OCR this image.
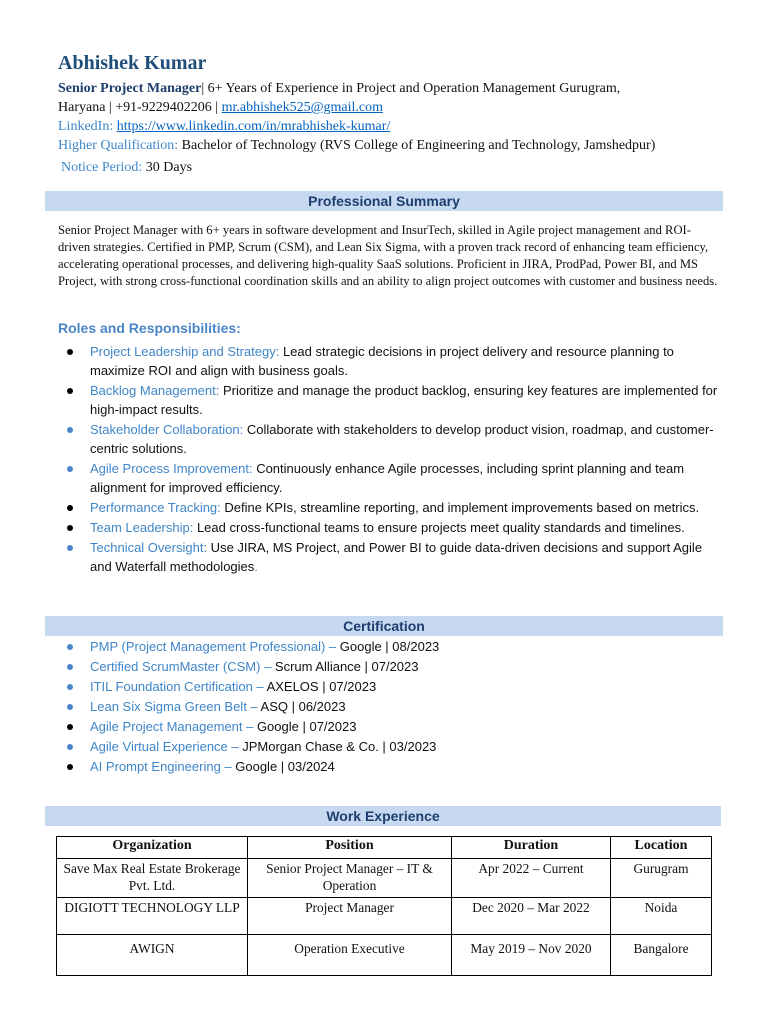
Abhishek Kumar
Senior Project Manager| 6+ Years of Experience in Project and Operation Management Gurugram,
Haryana | +91-9229402206 | mr.abhishek525@gmail.com
LinkedIn: https://www.linkedin.com/in/mrabhishek-kumar/
Higher Qualification: Bachelor of Technology (RVS College of Engineering and Technology, Jamshedpur)
Notice Period: 30 Days
Professional Summary
Senior Project Manager with 6+ years in software development and InsurTech, skilled in Agile project management and ROI-driven strategies. Certified in PMP, Scrum (CSM), and Lean Six Sigma, with a proven track record of enhancing team efficiency, accelerating operational processes, and delivering high-quality SaaS solutions. Proficient in JIRA, ProdPad, Power BI, and MS Project, with strong cross-functional coordination skills and an ability to align project outcomes with customer and business needs.
Roles and Responsibilities:
Project Leadership and Strategy: Lead strategic decisions in project delivery and resource planning to maximize ROI and align with business goals.
Backlog Management: Prioritize and manage the product backlog, ensuring key features are implemented for high-impact results.
Stakeholder Collaboration: Collaborate with stakeholders to develop product vision, roadmap, and customer-centric solutions.
Agile Process Improvement: Continuously enhance Agile processes, including sprint planning and team alignment for improved efficiency.
Performance Tracking: Define KPIs, streamline reporting, and implement improvements based on metrics.
Team Leadership: Lead cross-functional teams to ensure projects meet quality standards and timelines.
Technical Oversight: Use JIRA, MS Project, and Power BI to guide data-driven decisions and support Agile and Waterfall methodologies.
Certification
PMP (Project Management Professional) – Google | 08/2023
Certified ScrumMaster (CSM) – Scrum Alliance | 07/2023
ITIL Foundation Certification – AXELOS | 07/2023
Lean Six Sigma Green Belt – ASQ | 06/2023
Agile Project Management – Google | 07/2023
Agile Virtual Experience – JPMorgan Chase & Co. | 03/2023
AI Prompt Engineering – Google | 03/2024
Work Experience
Organization	Position	Duration	Location
Save Max Real Estate Brokerage Pvt. Ltd.	Senior Project Manager – IT & Operation	Apr 2022 – Current	Gurugram
DIGIOTT TECHNOLOGY LLP	Project Manager	Dec 2020 – Mar 2022	Noida
AWIGN	Operation Executive	May 2019 – Nov 2020	Bangalore
